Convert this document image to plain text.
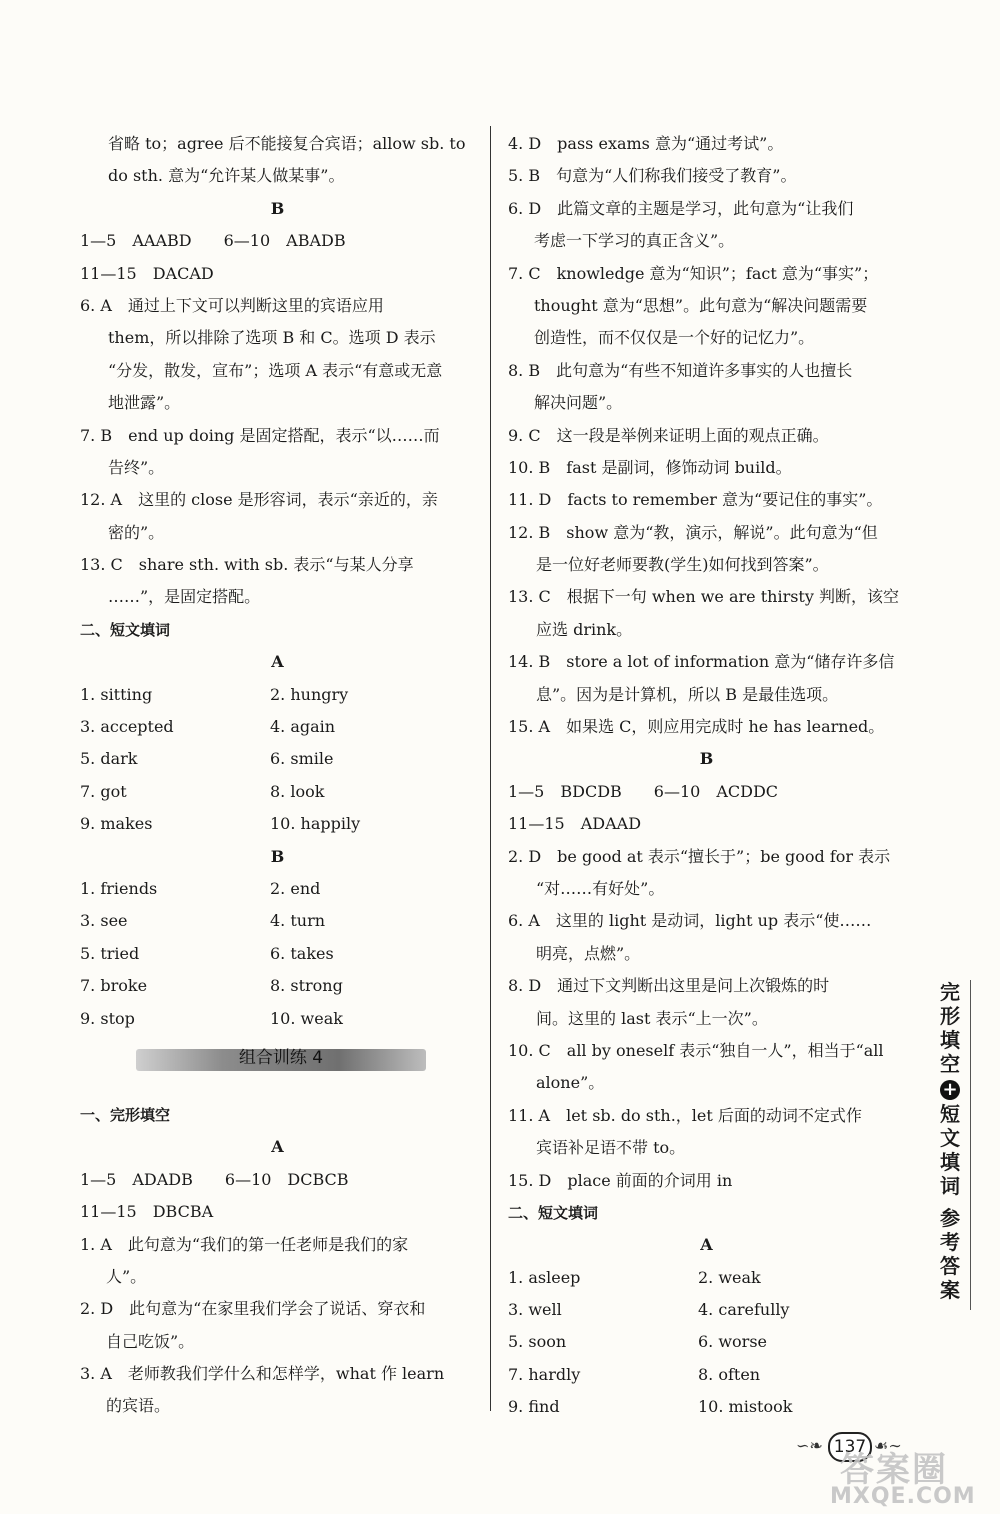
省略 to；agree 后不能接复合宾语；allow sb. to
do sth. 意为“允许某人做某事”。
B
1—5　AAABD　　6—10　ABADB
11—15　DACAD
6. A　通过上下文可以判断这里的宾语应用
them，所以排除了选项 B 和 C。选项 D 表示
“分发，散发，宣布”；选项 A 表示“有意或无意
地泄露”。
7. B　end up doing 是固定搭配，表示“以……而
告终”。
12. A　这里的 close 是形容词，表示“亲近的，亲
密的”。
13. C　share sth. with sb. 表示“与某人分享
……”，是固定搭配。
二、短文填词
A
1. sitting	2. hungry
3. accepted	4. again
5. dark	6. smile
7. got	8. look
9. makes	10. happily
B
1. friends	2. end
3. see	4. turn
5. tried	6. takes
7. broke	8. strong
9. stop	10. weak
组合训练 4
一、完形填空
A
1—5　ADADB　　6—10　DCBCB
11—15　DBCBA
1. A　此句意为“我们的第一任老师是我们的家
人”。
2. D　此句意为“在家里我们学会了说话、穿衣和
自己吃饭”。
3. A　老师教我们学什么和怎样学，what 作 learn
的宾语。
4. D　pass exams 意为“通过考试”。
5. B　句意为“人们称我们接受了教育”。
6. D　此篇文章的主题是学习，此句意为“让我们
考虑一下学习的真正含义”。
7. C　knowledge 意为“知识”；fact 意为“事实”；
thought 意为“思想”。此句意为“解决问题需要
创造性，而不仅仅是一个好的记忆力”。
8. B　此句意为“有些不知道许多事实的人也擅长
解决问题”。
9. C　这一段是举例来证明上面的观点正确。
10. B　fast 是副词，修饰动词 build。
11. D　facts to remember 意为“要记住的事实”。
12. B　show 意为“教，演示，解说”。此句意为“但
是一位好老师要教(学生)如何找到答案”。
13. C　根据下一句 when we are thirsty 判断，该空
应选 drink。
14. B　store a lot of information 意为“储存许多信
息”。因为是计算机，所以 B 是最佳选项。
15. A　如果选 C，则应用完成时 he has learned。
B
1—5　BDCDB　　6—10　ACDDC
11—15　ADAAD
2. D　be good at 表示“擅长于”；be good for 表示
“对……有好处”。
6. A　这里的 light 是动词，light up 表示“使……
明亮，点燃”。
8. D　通过下文判断出这里是问上次锻炼的时
间。这里的 last 表示“上一次”。
10. C　all by oneself 表示“独自一人”，相当于“all
alone”。
11. A　let sb. do sth.，let 后面的动词不定式作
宾语补足语不带 to。
15. D　place 前面的介词用 in
二、短文填词
A
1. asleep	2. weak
3. well	4. carefully
5. soon	6. worse
7. hardly	8. often
9. find	10. mistook
完形填空
+
短文填词
参考答案
∽❧ 137 ☙∼
答案圈
MXQE.COM
